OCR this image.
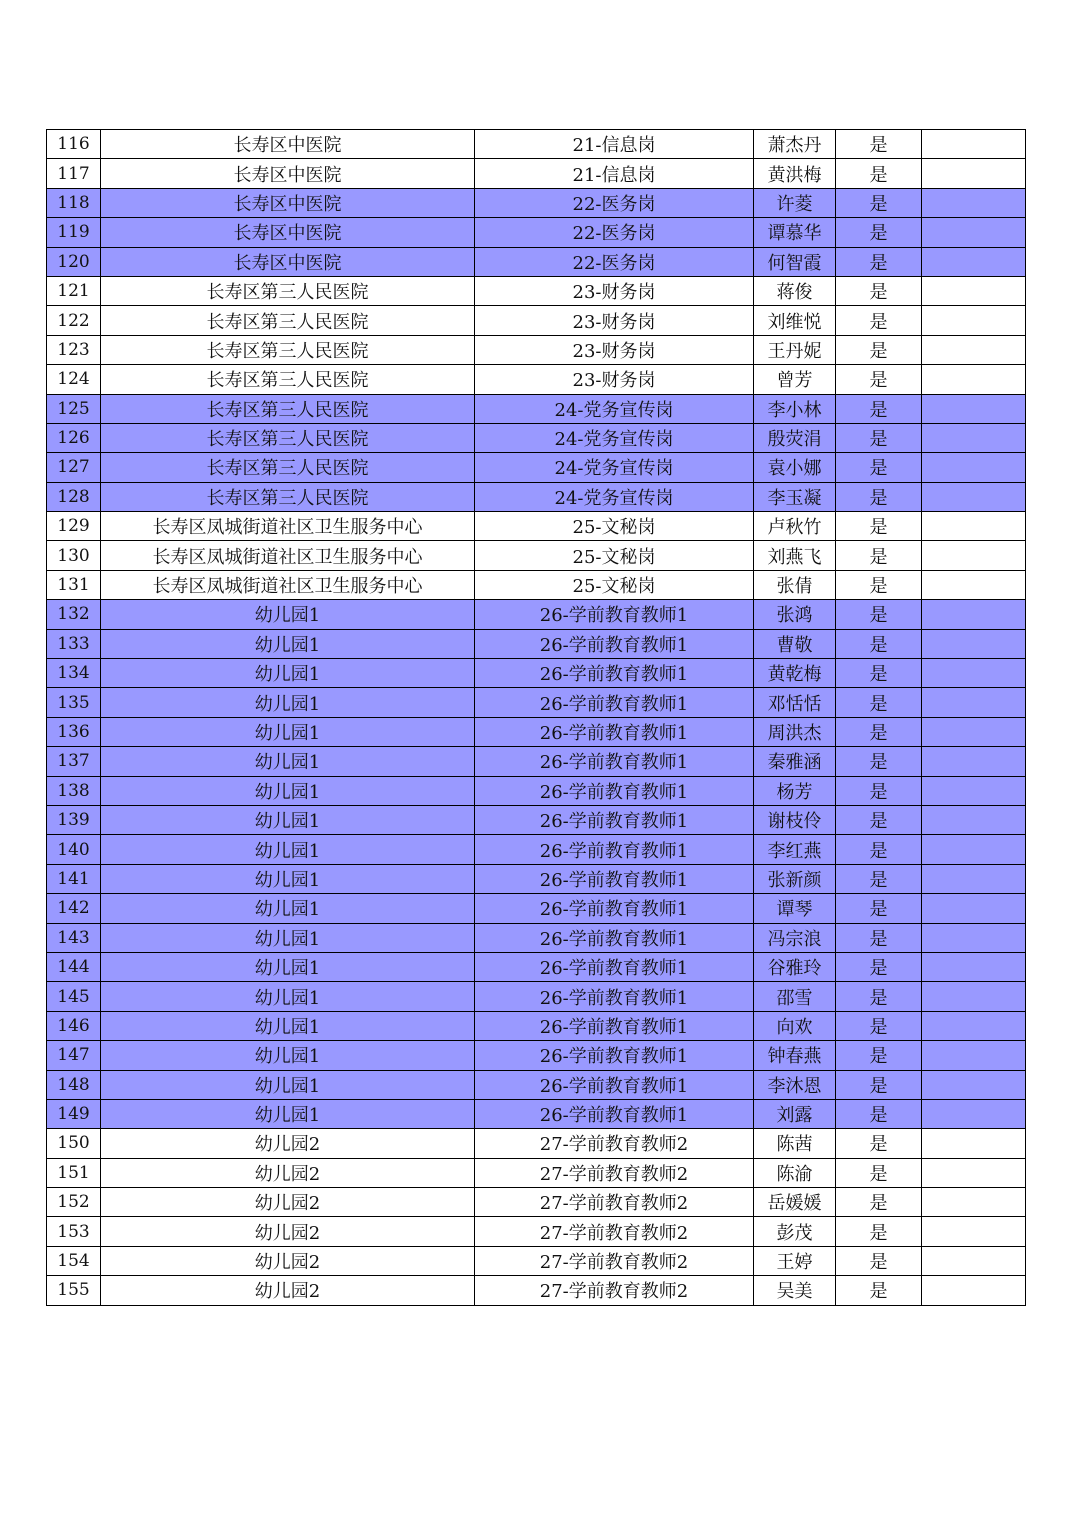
116	长寿区中医院	21-信息岗	萧杰丹	是	
117	长寿区中医院	21-信息岗	黄洪梅	是	
118	长寿区中医院	22-医务岗	许菱	是	
119	长寿区中医院	22-医务岗	谭慕华	是	
120	长寿区中医院	22-医务岗	何智霞	是	
121	长寿区第三人民医院	23-财务岗	蒋俊	是	
122	长寿区第三人民医院	23-财务岗	刘维悦	是	
123	长寿区第三人民医院	23-财务岗	王丹妮	是	
124	长寿区第三人民医院	23-财务岗	曾芳	是	
125	长寿区第三人民医院	24-党务宣传岗	李小林	是	
126	长寿区第三人民医院	24-党务宣传岗	殷荧涓	是	
127	长寿区第三人民医院	24-党务宣传岗	袁小娜	是	
128	长寿区第三人民医院	24-党务宣传岗	李玉凝	是	
129	长寿区凤城街道社区卫生服务中心	25-文秘岗	卢秋竹	是	
130	长寿区凤城街道社区卫生服务中心	25-文秘岗	刘燕飞	是	
131	长寿区凤城街道社区卫生服务中心	25-文秘岗	张倩	是	
132	幼儿园1	26-学前教育教师1	张鸿	是	
133	幼儿园1	26-学前教育教师1	曹敬	是	
134	幼儿园1	26-学前教育教师1	黄乾梅	是	
135	幼儿园1	26-学前教育教师1	邓恬恬	是	
136	幼儿园1	26-学前教育教师1	周洪杰	是	
137	幼儿园1	26-学前教育教师1	秦雅涵	是	
138	幼儿园1	26-学前教育教师1	杨芳	是	
139	幼儿园1	26-学前教育教师1	谢枝伶	是	
140	幼儿园1	26-学前教育教师1	李红燕	是	
141	幼儿园1	26-学前教育教师1	张新颜	是	
142	幼儿园1	26-学前教育教师1	谭琴	是	
143	幼儿园1	26-学前教育教师1	冯宗浪	是	
144	幼儿园1	26-学前教育教师1	谷雅玲	是	
145	幼儿园1	26-学前教育教师1	邵雪	是	
146	幼儿园1	26-学前教育教师1	向欢	是	
147	幼儿园1	26-学前教育教师1	钟春燕	是	
148	幼儿园1	26-学前教育教师1	李沐恩	是	
149	幼儿园1	26-学前教育教师1	刘露	是	
150	幼儿园2	27-学前教育教师2	陈茜	是	
151	幼儿园2	27-学前教育教师2	陈渝	是	
152	幼儿园2	27-学前教育教师2	岳媛媛	是	
153	幼儿园2	27-学前教育教师2	彭茂	是	
154	幼儿园2	27-学前教育教师2	王婷	是	
155	幼儿园2	27-学前教育教师2	吴美	是	
